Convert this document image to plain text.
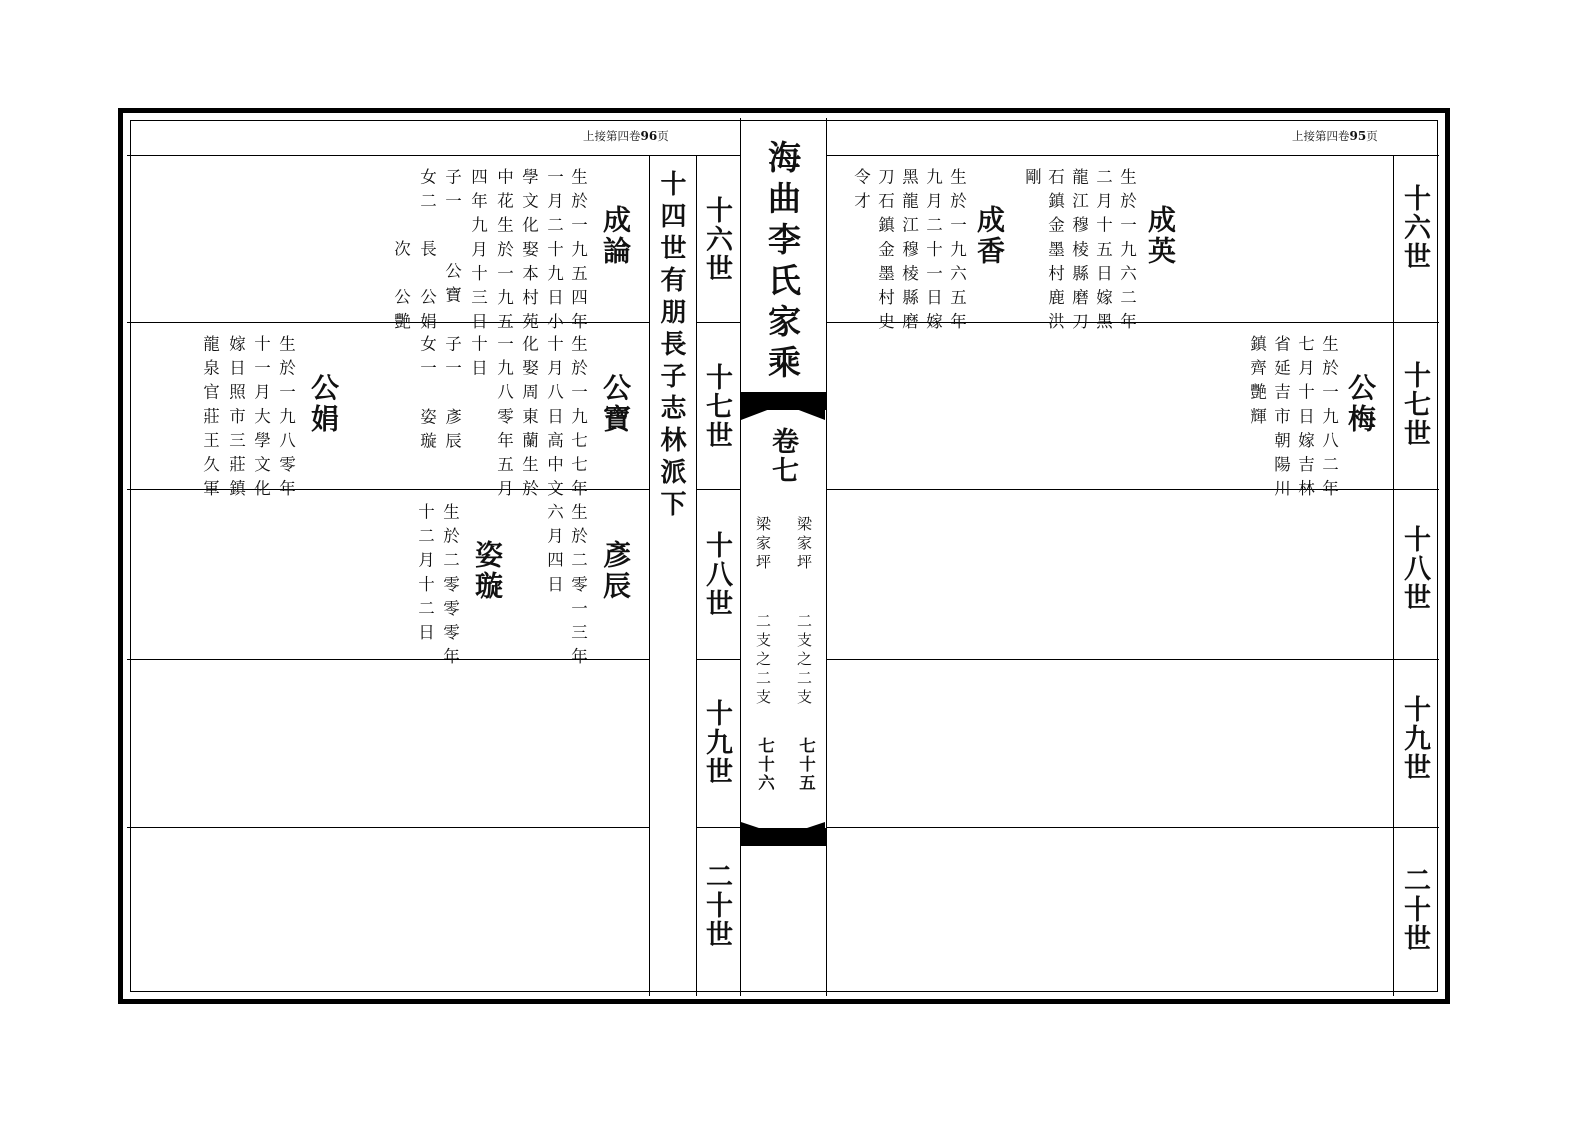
上接第四卷96页	上接第四卷95页
十六世
十七世
十八世
十九世
二十世
十六世
十七世
十八世
十九世
二十世
十四世有朋長子志林派下 海曲李氏家乘
卷七
梁家坪
二支之二支
七十五
梁家坪
二支之二支
七十六
成論
生於一九五四年
一月二十九日小
學文化娶本村苑
中花生於一九五
四年九月十三日
子一
公寶
女二
長　公娟
次　公艷
公寶
生於一九七七年
十月八日高中文
化娶周東蘭生於
一九八零年五月
十日
子一
彥辰
女一
姿璇
公娟
生於一九八零年
十一月大學文化
嫁日照市三莊鎮
龍泉官莊王久軍
彥辰
生於二零一三年
六月四日
姿璇
生於二零零零年
十二月十二日
成英
生於一九六二年
二月十五日嫁黑
龍江穆棱縣磨刀
石鎮金墨村鹿洪
剛
成香
生於一九六五年
九月二十一日嫁
黑龍江穆棱縣磨
刀石鎮金墨村史
令才
公梅
生於一九八二年
七月十日嫁吉林
省延吉市朝陽川
鎮齊艷輝
